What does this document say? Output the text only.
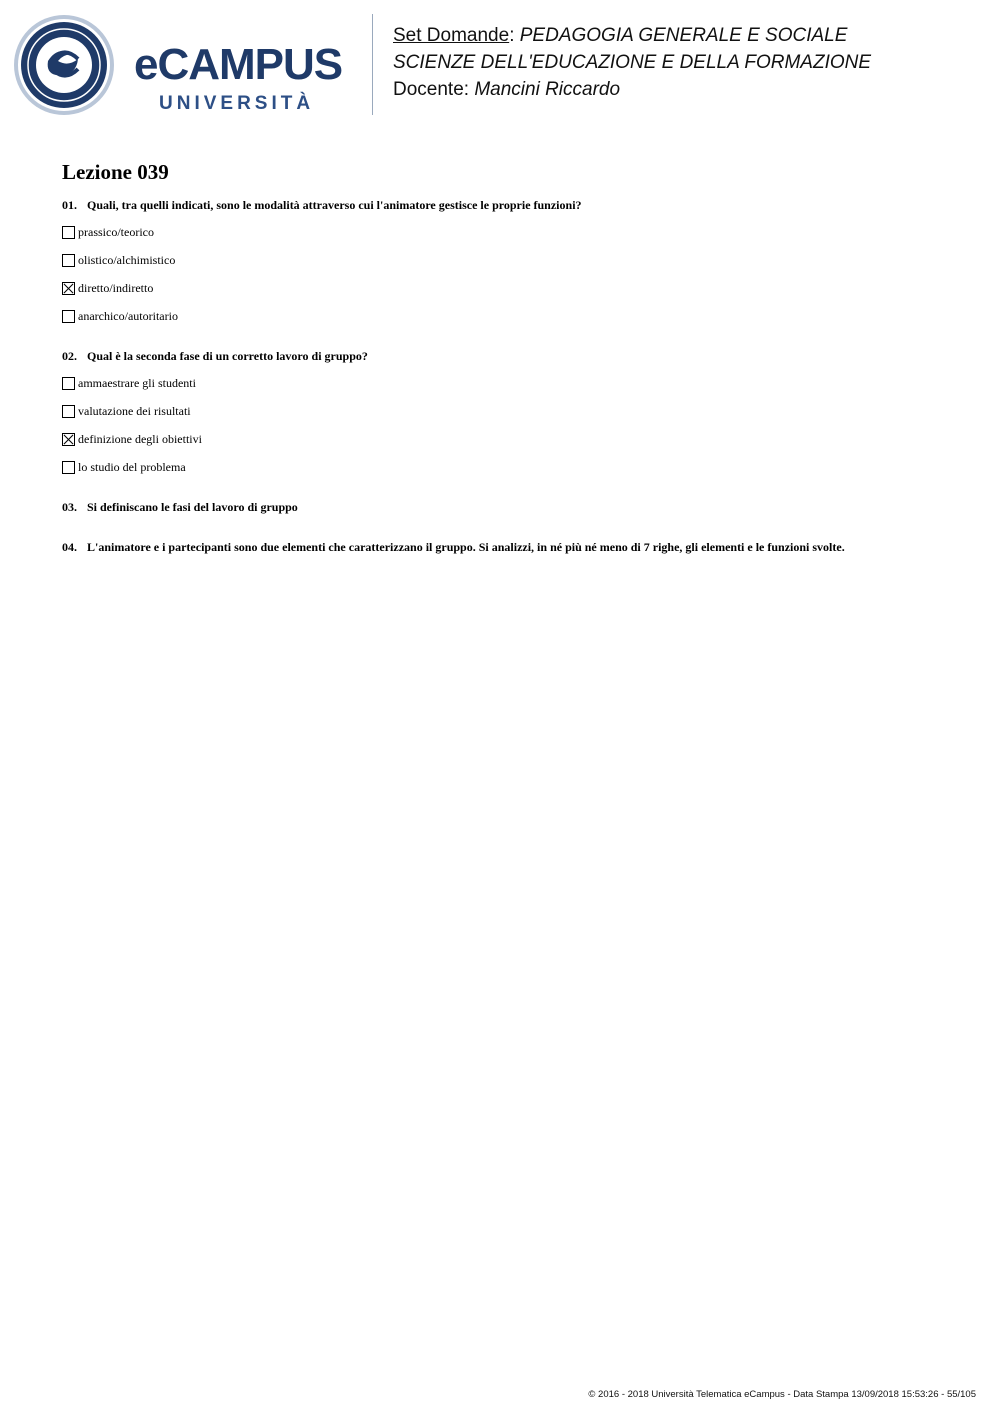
eCAMPUS
UNIVERSITÀ
Set Domande: PEDAGOGIA GENERALE E SOCIALE
SCIENZE DELL'EDUCAZIONE E DELLA FORMAZIONE
Docente: Mancini Riccardo
Lezione 039
01. Quali, tra quelli indicati, sono le modalità attraverso cui l'animatore gestisce le proprie funzioni?
prassico/teorico
olistico/alchimistico
diretto/indiretto
anarchico/autoritario
02. Qual è la seconda fase di un corretto lavoro di gruppo?
ammaestrare gli studenti
valutazione dei risultati
definizione degli obiettivi
lo studio del problema
03. Si definiscano le fasi del lavoro di gruppo
04. L'animatore e i partecipanti sono due elementi che caratterizzano il gruppo. Si analizzi, in né più né meno di 7 righe, gli elementi e le funzioni svolte.
© 2016 - 2018 Università Telematica eCampus - Data Stampa 13/09/2018 15:53:26 - 55/105
